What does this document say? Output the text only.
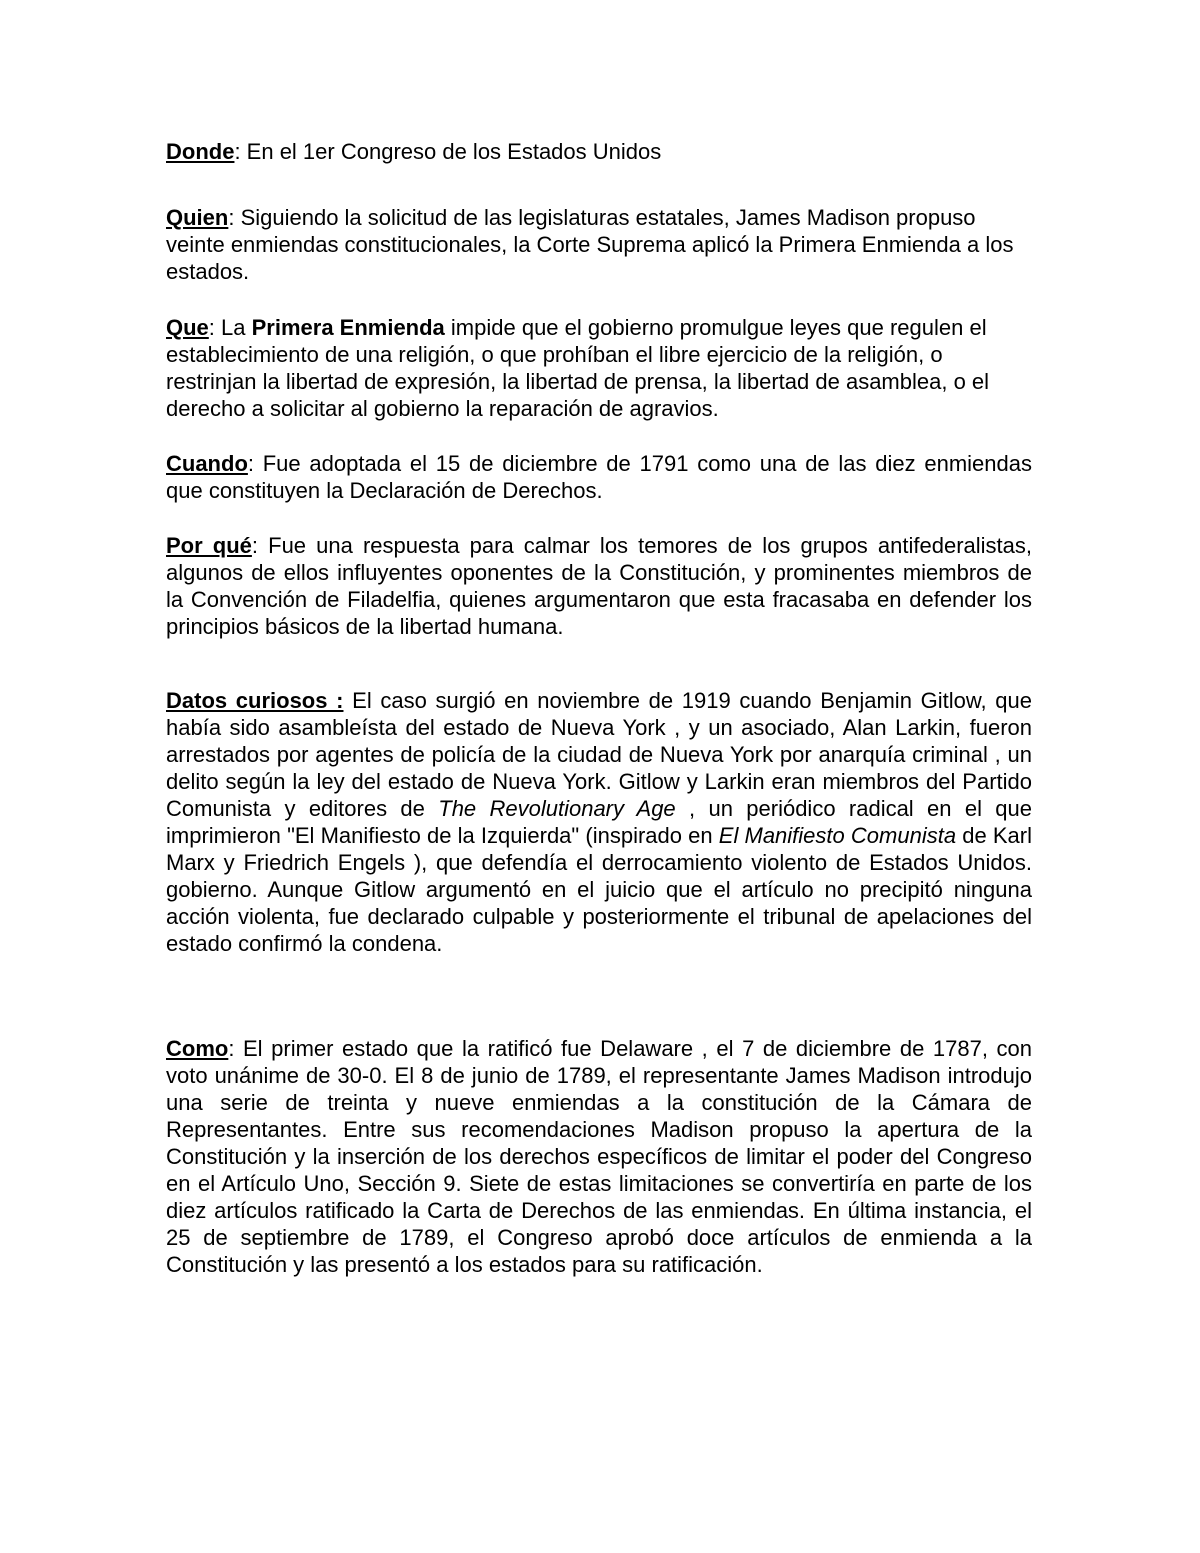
Donde: En el 1er Congreso de los Estados Unidos

Quien: Siguiendo la solicitud de las legislaturas estatales, James Madison propuso veinte enmiendas constitucionales, la Corte Suprema aplicó la Primera Enmienda a los estados.

Que: La Primera Enmienda impide que el gobierno promulgue leyes que regulen el establecimiento de una religión, o que prohíban el libre ejercicio de la religión, o restrinjan la libertad de expresión, la libertad de prensa, la libertad de asamblea, o el derecho a solicitar al gobierno la reparación de agravios.

Cuando: Fue adoptada el 15 de diciembre de 1791 como una de las diez enmiendas que constituyen la Declaración de Derechos.

Por qué: Fue una respuesta para calmar los temores de los grupos antifederalistas, algunos de ellos influyentes oponentes de la Constitución, y prominentes miembros de la Convención de Filadelfia, quienes argumentaron que esta fracasaba en defender los principios básicos de la libertad humana.

Datos curiosos : El caso surgió en noviembre de 1919 cuando Benjamin Gitlow, que había sido asambleísta del estado de Nueva York , y un asociado, Alan Larkin, fueron arrestados por agentes de policía de la ciudad de Nueva York por anarquía criminal , un delito según la ley del estado de Nueva York. Gitlow y Larkin eran miembros del Partido Comunista y editores de The Revolutionary Age , un periódico radical en el que imprimieron "El Manifiesto de la Izquierda" (inspirado en El Manifiesto Comunista de Karl Marx y Friedrich Engels ), que defendía el derrocamiento violento de Estados Unidos. gobierno. Aunque Gitlow argumentó en el juicio que el artículo no precipitó ninguna acción violenta, fue declarado culpable y posteriormente el tribunal de apelaciones del estado confirmó la condena.

Como: El primer estado que la ratificó fue Delaware , el 7 de diciembre de 1787, con voto unánime de 30-0. El 8 de junio de 1789, el representante James Madison introdujo una serie de treinta y nueve enmiendas a la constitución de la Cámara de Representantes. Entre sus recomendaciones Madison propuso la apertura de la Constitución y la inserción de los derechos específicos de limitar el poder del Congreso en el Artículo Uno, Sección 9. Siete de estas limitaciones se convertiría en parte de los diez artículos ratificado la Carta de Derechos de las enmiendas. En última instancia, el 25 de septiembre de 1789, el Congreso aprobó doce artículos de enmienda a la Constitución y las presentó a los estados para su ratificación.
